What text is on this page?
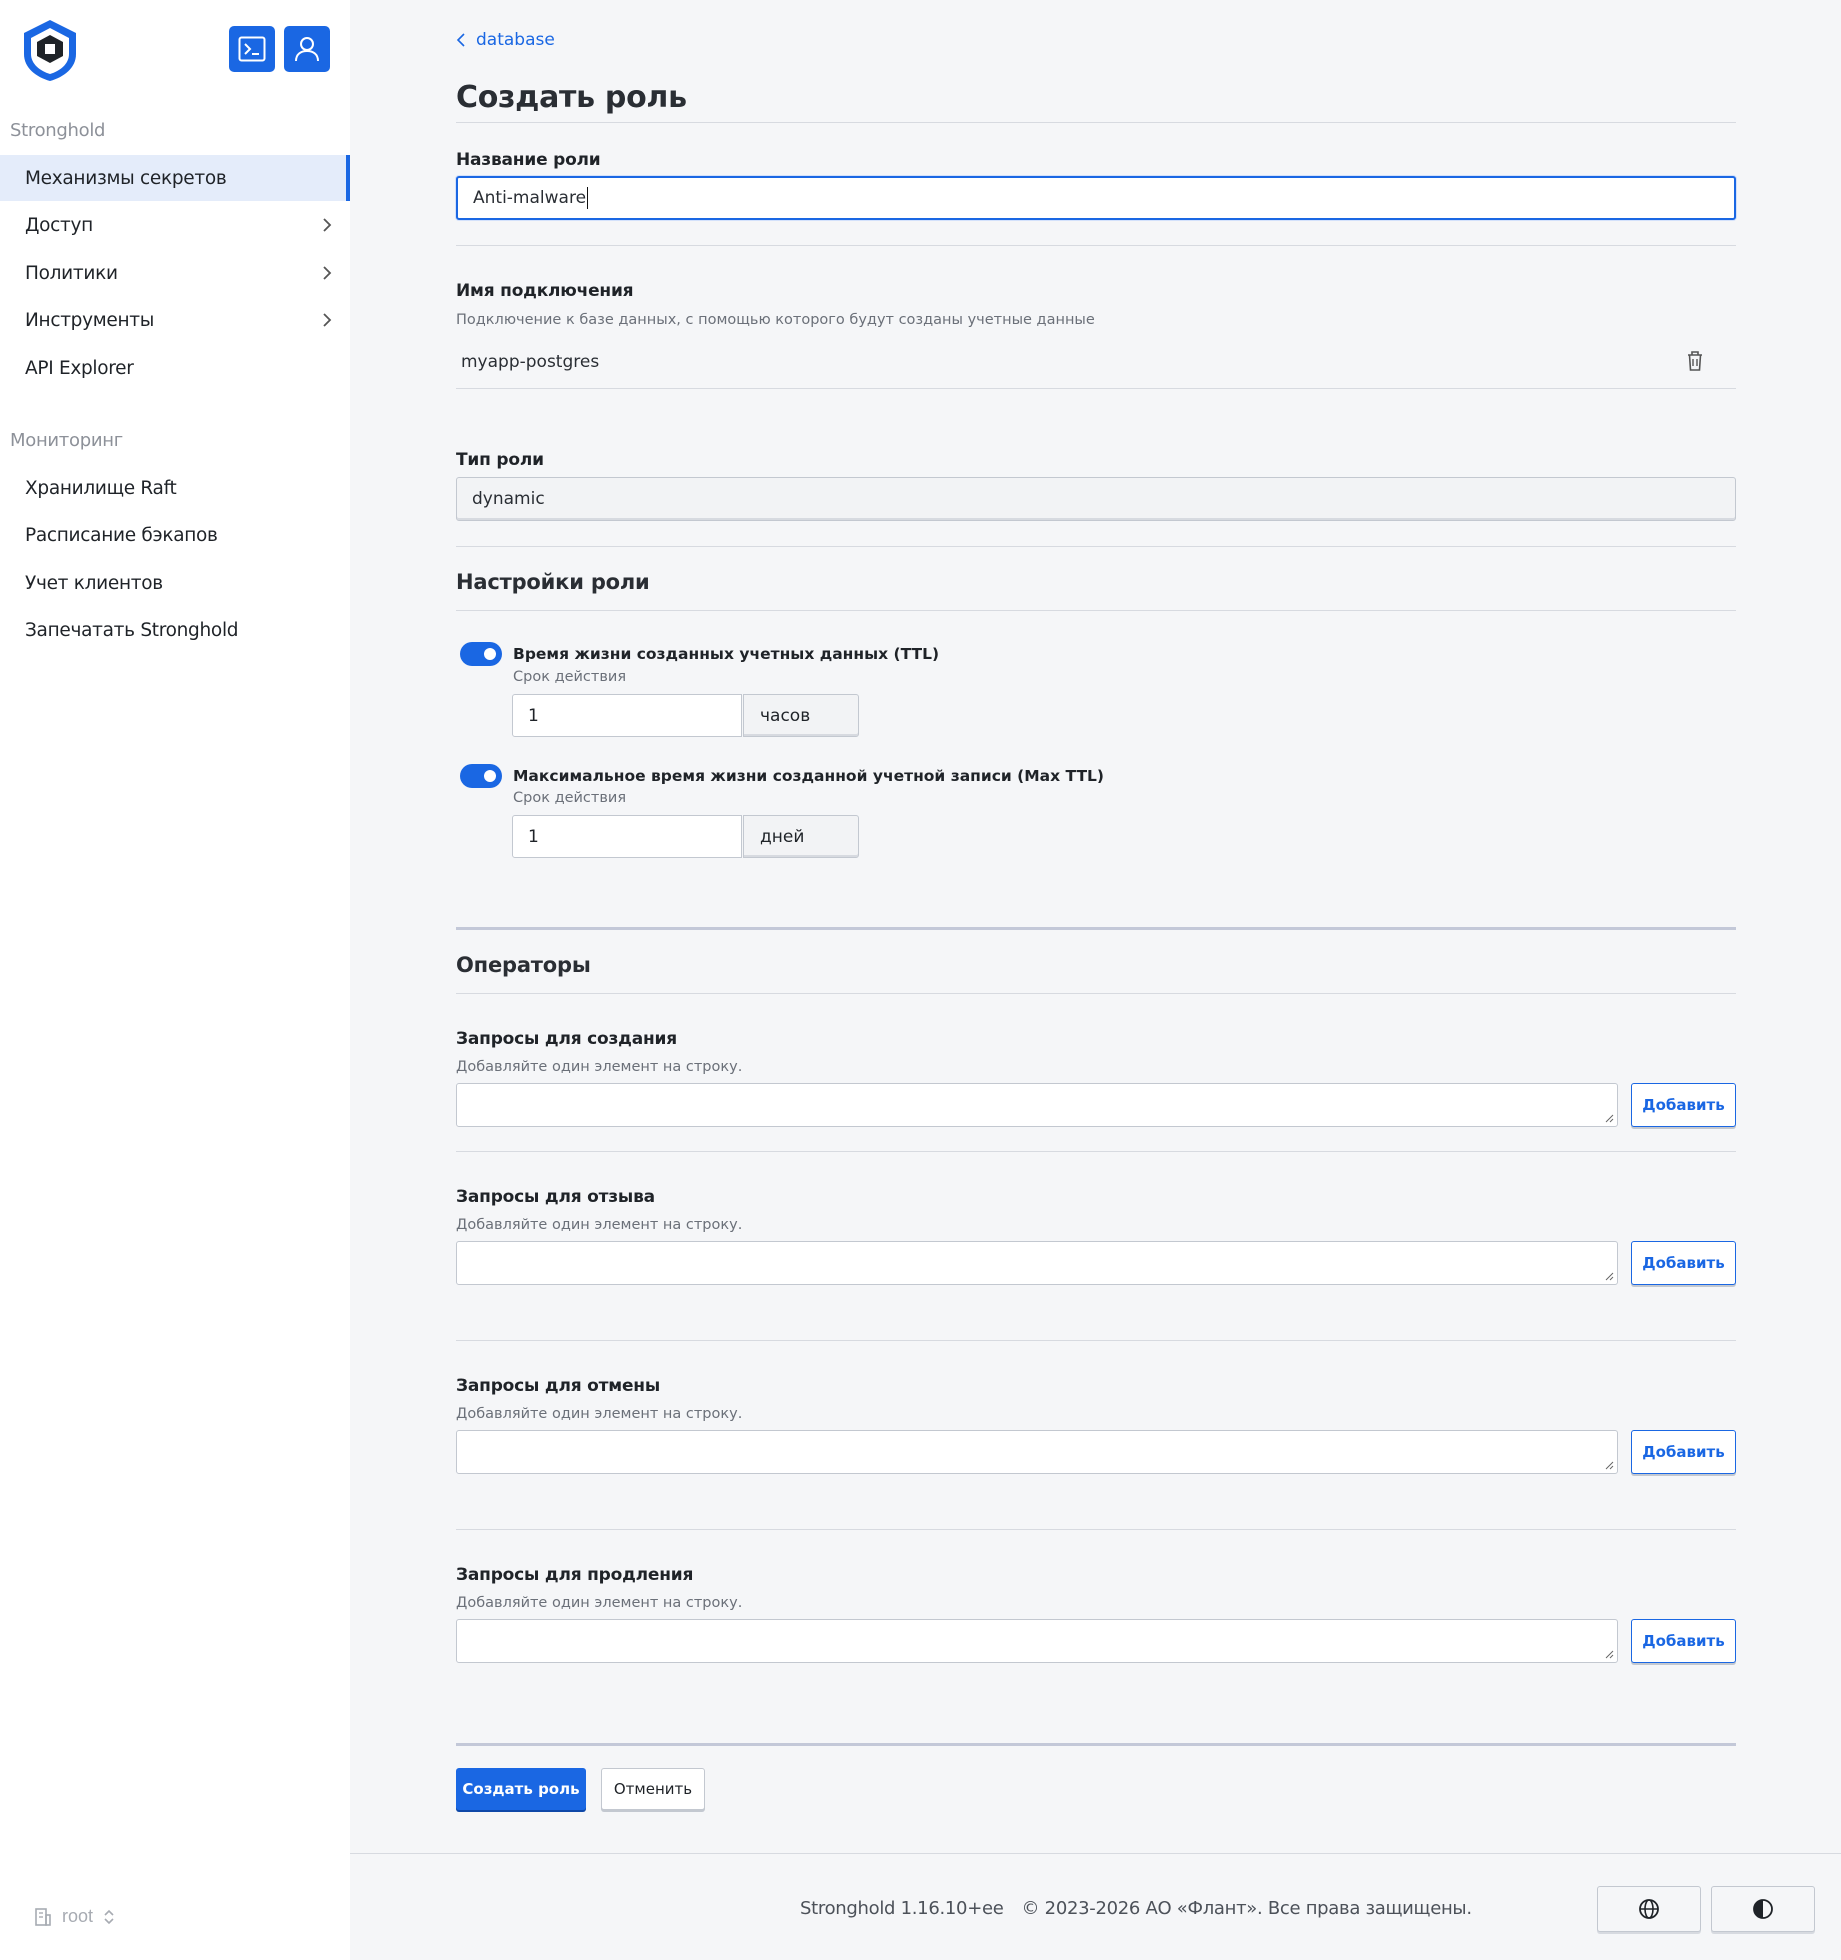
Stronghold
Механизмы секретов
Доступ
Политики
Инструменты
API Explorer
Мониторинг
Хранилище Raft
Расписание бэкапов
Учет клиентов
Запечатать Stronghold
root
database
Создать роль
Название роли
Anti-malware
Имя подключения
Подключение к базе данных, с помощью которого будут созданы учетные данные
myapp-postgres
Тип роли
dynamic
Настройки роли
Время жизни созданных учетных данных (TTL)
Срок действия
1	часов
Максимальное время жизни созданной учетной записи (Max TTL)
Срок действия
1	дней
Операторы
Запросы для создания
Добавляйте один элемент на строку.
Добавить
Запросы для отзыва
Добавляйте один элемент на строку.
Добавить
Запросы для отмены
Добавляйте один элемент на строку.
Добавить
Запросы для продления
Добавляйте один элемент на строку.
Добавить
Создать роль	Отменить
Stronghold 1.16.10+ee © 2023-2026 АО «Флант». Все права защищены.
